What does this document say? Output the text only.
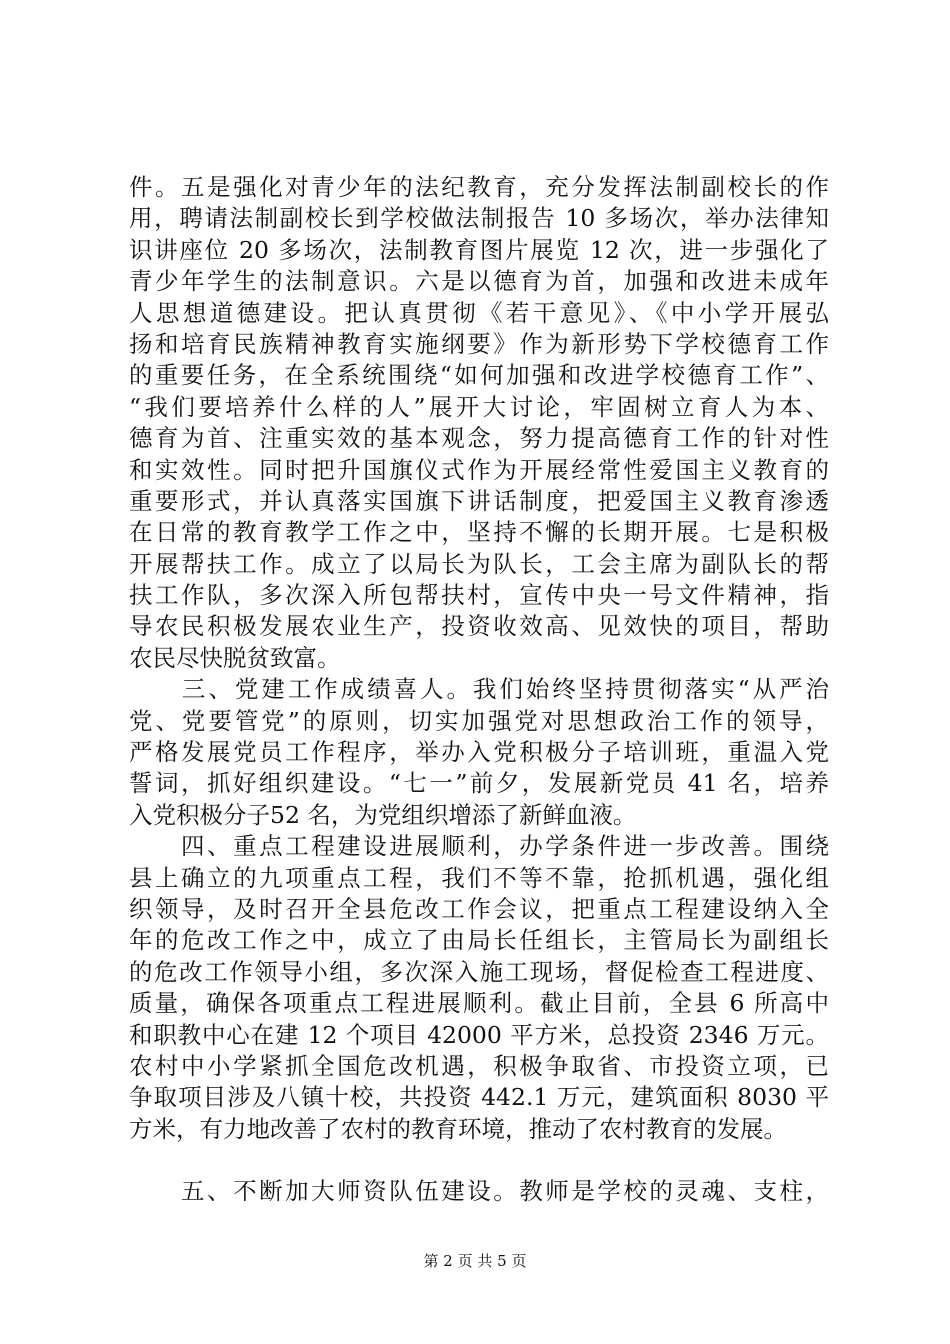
件。五是强化对青少年的法纪教育，充分发挥法制副校长的作
用，聘请法制副校长到学校做法制报告 10 多场次，举办法律知
识讲座位 20 多场次，法制教育图片展览 12 次，进一步强化了
青少年学生的法制意识。六是以德育为首，加强和改进未成年
人思想道德建设。把认真贯彻《若干意见》、《中小学开展弘
扬和培育民族精神教育实施纲要》作为新形势下学校德育工作
的重要任务，在全系统围绕“如何加强和改进学校德育工作”、
“我们要培养什么样的人”展开大讨论，牢固树立育人为本、
德育为首、注重实效的基本观念，努力提高德育工作的针对性
和实效性。同时把升国旗仪式作为开展经常性爱国主义教育的
重要形式，并认真落实国旗下讲话制度，把爱国主义教育渗透
在日常的教育教学工作之中，坚持不懈的长期开展。七是积极
开展帮扶工作。成立了以局长为队长，工会主席为副队长的帮
扶工作队，多次深入所包帮扶村，宣传中央一号文件精神，指
导农民积极发展农业生产，投资收效高、见效快的项目，帮助
农民尽快脱贫致富。
　　三、党建工作成绩喜人。我们始终坚持贯彻落实“从严治
党、党要管党”的原则，切实加强党对思想政治工作的领导，
严格发展党员工作程序，举办入党积极分子培训班，重温入党
誓词，抓好组织建设。“七一”前夕，发展新党员 41 名，培养
入党积极分子52 名，为党组织增添了新鲜血液。
　　四、重点工程建设进展顺利，办学条件进一步改善。围绕
县上确立的九项重点工程，我们不等不靠，抢抓机遇，强化组
织领导，及时召开全县危改工作会议，把重点工程建设纳入全
年的危改工作之中，成立了由局长任组长，主管局长为副组长
的危改工作领导小组，多次深入施工现场，督促检查工程进度、
质量，确保各项重点工程进展顺利。截止目前，全县 6 所高中
和职教中心在建 12 个项目 42000 平方米，总投资 2346 万元。
农村中小学紧抓全国危改机遇，积极争取省、市投资立项，已
争取项目涉及八镇十校，共投资 442.1 万元，建筑面积 8030 平
方米，有力地改善了农村的教育环境，推动了农村教育的发展。
　　五、不断加大师资队伍建设。教师是学校的灵魂、支柱，
第 2 页 共 5 页
